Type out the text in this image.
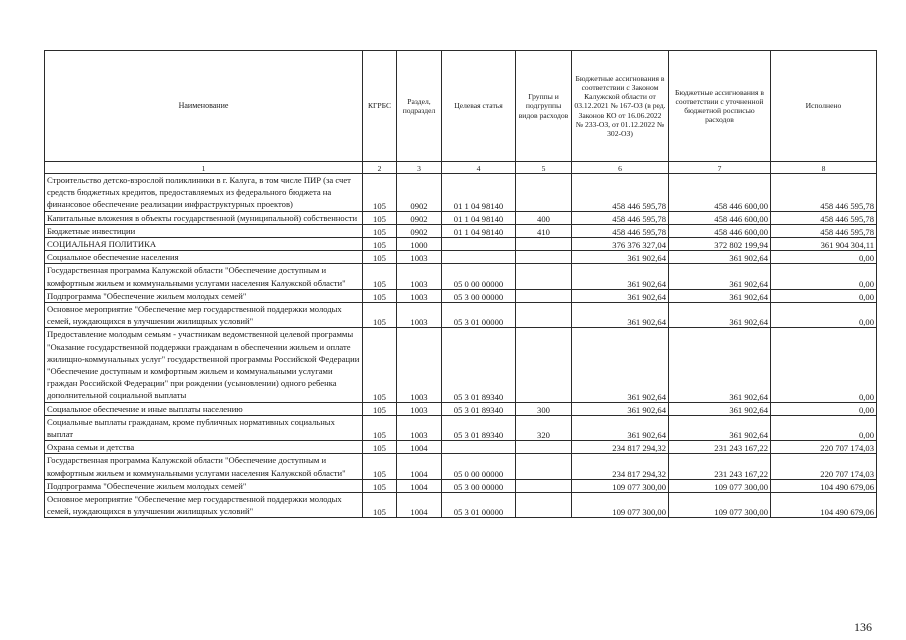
Наименование	КГРБС	Раздел, подраздел	Целевая статья	Группы и подгруппы видов расходов	Бюджетные ассигнования в соответствии с Законом Калужской области от 03.12.2021 № 167-ОЗ (в ред. Законов КО от 16.06.2022 № 233-ОЗ, от 01.12.2022 № 302-ОЗ)	Бюджетные ассигнования в соответствии с уточненной бюджетной росписью расходов	Исполнено
1	2	3	4	5	6	7	8
Строительство детско-взрослой поликлиники в г. Калуга, в том числе ПИР (за счет средств бюджетных кредитов, предоставляемых из федерального бюджета на финансовое обеспечение реализации инфраструктурных проектов)	105	0902	01 1 04 98140		458 446 595,78	458 446 600,00	458 446 595,78
Капитальные вложения в объекты государственной (муниципальной) собственности	105	0902	01 1 04 98140	400	458 446 595,78	458 446 600,00	458 446 595,78
Бюджетные инвестиции	105	0902	01 1 04 98140	410	458 446 595,78	458 446 600,00	458 446 595,78
СОЦИАЛЬНАЯ ПОЛИТИКА	105	1000			376 376 327,04	372 802 199,94	361 904 304,11
Социальное обеспечение населения	105	1003			361 902,64	361 902,64	0,00
Государственная программа Калужской области "Обеспечение доступным и комфортным жильем и коммунальными услугами населения Калужской области"	105	1003	05 0 00 00000		361 902,64	361 902,64	0,00
Подпрограмма "Обеспечение жильем молодых семей"	105	1003	05 3 00 00000		361 902,64	361 902,64	0,00
Основное мероприятие "Обеспечение мер государственной поддержки молодых семей, нуждающихся в улучшении жилищных условий"	105	1003	05 3 01 00000		361 902,64	361 902,64	0,00
Предоставление молодым семьям - участникам ведомственной целевой программы "Оказание государственной поддержки гражданам в обеспечении жильем и оплате жилищно-коммунальных услуг" государственной программы Российской Федерации "Обеспечение доступным и комфортным жильем и коммунальными услугами граждан Российской Федерации" при рождении (усыновлении) одного ребенка дополнительной социальной выплаты	105	1003	05 3 01 89340		361 902,64	361 902,64	0,00
Социальное обеспечение и иные выплаты населению	105	1003	05 3 01 89340	300	361 902,64	361 902,64	0,00
Социальные выплаты гражданам, кроме публичных нормативных социальных выплат	105	1003	05 3 01 89340	320	361 902,64	361 902,64	0,00
Охрана семьи и детства	105	1004			234 817 294,32	231 243 167,22	220 707 174,03
Государственная программа Калужской области "Обеспечение доступным и комфортным жильем и коммунальными услугами населения Калужской области"	105	1004	05 0 00 00000		234 817 294,32	231 243 167,22	220 707 174,03
Подпрограмма "Обеспечение жильем молодых семей"	105	1004	05 3 00 00000		109 077 300,00	109 077 300,00	104 490 679,06
Основное мероприятие "Обеспечение мер государственной поддержки молодых семей, нуждающихся в улучшении жилищных условий"	105	1004	05 3 01 00000		109 077 300,00	109 077 300,00	104 490 679,06
136
